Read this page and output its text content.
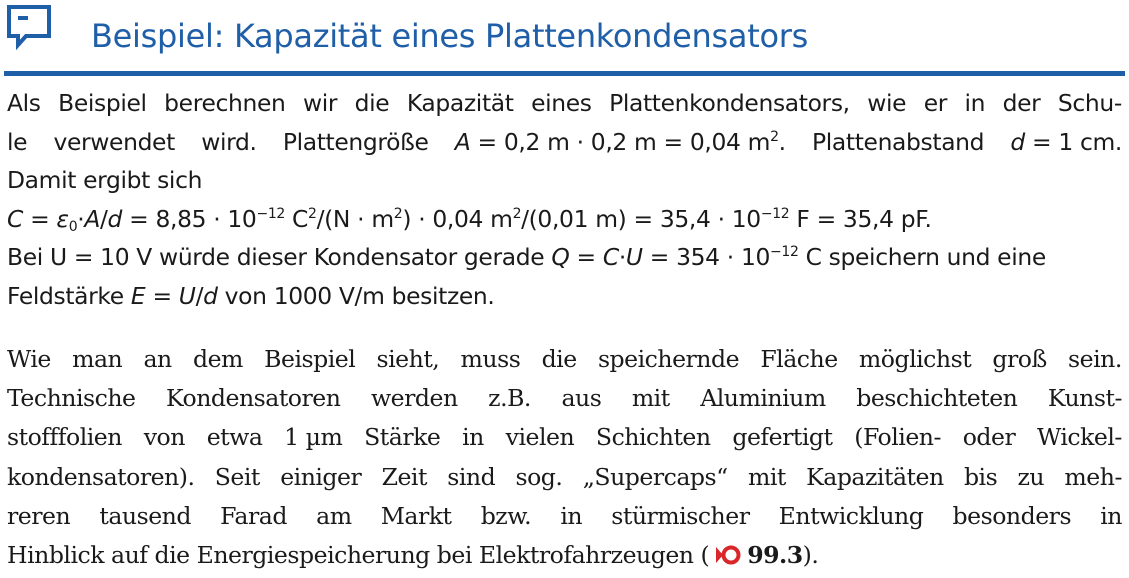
Beispiel: Kapazität eines Plattenkondensators
Als Beispiel berechnen wir die Kapazität eines Plattenkondensators, wie er in der Schu-
le verwendet wird. Plattengröße A = 0,2 m · 0,2 m = 0,04 $m^2$. Plattenabstand d = 1 cm.
Damit ergibt sich
$C = \varepsilon_0\cdot A/d = 8,85 \cdot 10^{-12}$ $C^2/(N \cdot m^2) \cdot 0,04$ $m^2/(0,01$ $m) = 35,4 \cdot 10^{-12}$ F = 35,4 pF.
Bei U = 10 V würde dieser Kondensator gerade $Q = C\cdot U = 354 \cdot 10^{-12}$ C speichern und eine
Feldstärke E = U/d von 1000 V/m besitzen.
Wie man an dem Beispiel sieht, muss die speichernde Fläche möglichst groß sein.
Technische Kondensatoren werden z.B. aus mit Aluminium beschichteten Kunst-
stofffolien von etwa 1 µm Stärke in vielen Schichten gefertigt (Folien- oder Wickel-
kondensatoren). Seit einiger Zeit sind sog. „Supercaps“ mit Kapazitäten bis zu meh-
reren tausend Farad am Markt bzw. in stürmischer Entwicklung besonders in
Hinblick auf die Energiespeicherung bei Elektrofahrzeugen (	99.3 ).
